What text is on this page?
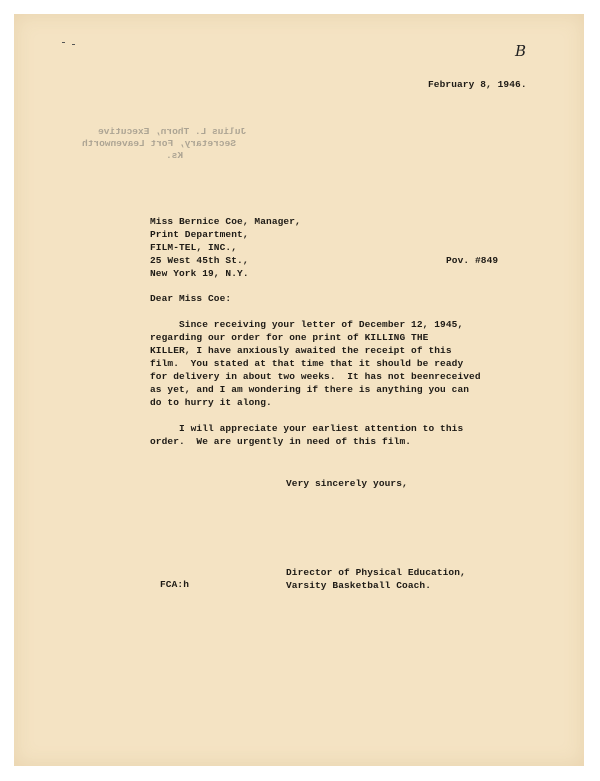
B

February 8, 1946.

Julius L. Thorn, Executive

Secretary, Fort Leavenworth

Ks.

Miss Bernice Coe, Manager,

Print Department,

FILM-TEL, INC.,

25 West 45th St.,

New York 19, N.Y.

Pov. #849

Dear Miss Coe:

Since receiving your letter of December 12, 1945,

regarding our order for one print of KILLING THE

KILLER, I have anxiously awaited the receipt of this

film.  You stated at that time that it should be ready

for delivery in about two weeks.  It has not beenreceived

as yet, and I am wondering if there is anything you can

do to hurry it along.

I will appreciate your earliest attention to this

order.  We are urgently in need of this film.

Very sincerely yours,

Director of Physical Education,

Varsity Basketball Coach.

FCA:h
